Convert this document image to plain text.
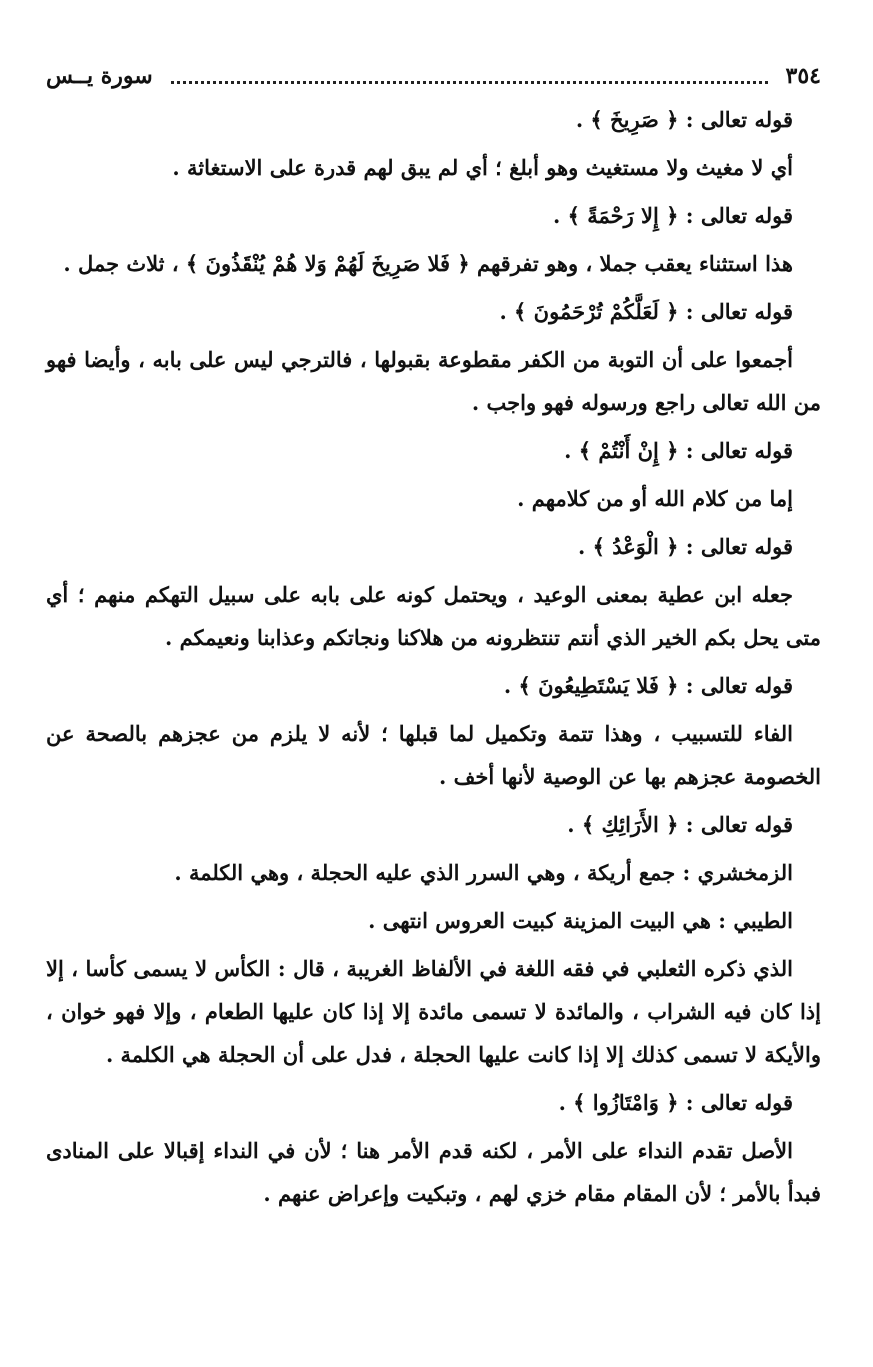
٣٥٤
سورة يــس

قوله تعالى : ﴿ صَرِيخَ ﴾ .

أي لا مغيث ولا مستغيث وهو أبلغ ؛ أي لم يبق لهم قدرة على الاستغاثة .

قوله تعالى : ﴿ إِلا رَحْمَةً ﴾ .

هذا استثناء يعقب جملا ، وهو تفرقهم ﴿ فَلا صَرِيخَ لَهُمْ وَلا هُمْ يُنْقَذُونَ ﴾ ، ثلاث جمل .

قوله تعالى : ﴿ لَعَلَّكُمْ تُرْحَمُونَ ﴾ .

أجمعوا على أن التوبة من الكفر مقطوعة بقبولها ، فالترجي ليس على بابه ، وأيضا فهو من الله تعالى راجع ورسوله فهو واجب .

قوله تعالى : ﴿ إِنْ أَنْتُمْ ﴾ .

إما من كلام الله أو من كلامهم .

قوله تعالى : ﴿ الْوَعْدُ ﴾ .

جعله ابن عطية بمعنى الوعيد ، ويحتمل كونه على بابه على سبيل التهكم منهم ؛ أي متى يحل بكم الخير الذي أنتم تنتظرونه من هلاكنا ونجاتكم وعذابنا ونعيمكم .

قوله تعالى : ﴿ فَلا يَسْتَطِيعُونَ ﴾ .

الفاء للتسبيب ، وهذا تتمة وتكميل لما قبلها ؛ لأنه لا يلزم من عجزهم بالصحة عن الخصومة عجزهم بها عن الوصية لأنها أخف .

قوله تعالى : ﴿ الأَرَائِكِ ﴾ .

الزمخشري : جمع أريكة ، وهي السرر الذي عليه الحجلة ، وهي الكلمة .

الطيبي : هي البيت المزينة كبيت العروس انتهى .

الذي ذكره الثعلبي في فقه اللغة في الألفاظ الغريبة ، قال : الكأس لا يسمى كأسا ، إلا إذا كان فيه الشراب ، والمائدة لا تسمى مائدة إلا إذا كان عليها الطعام ، وإلا فهو خوان ، والأيكة لا تسمى كذلك إلا إذا كانت عليها الحجلة ، فدل على أن الحجلة هي الكلمة .

قوله تعالى : ﴿ وَامْتَازُوا ﴾ .

الأصل تقدم النداء على الأمر ، لكنه قدم الأمر هنا ؛ لأن في النداء إقبالا على المنادى فبدأ بالأمر ؛ لأن المقام مقام خزي لهم ، وتبكيت وإعراض عنهم .
